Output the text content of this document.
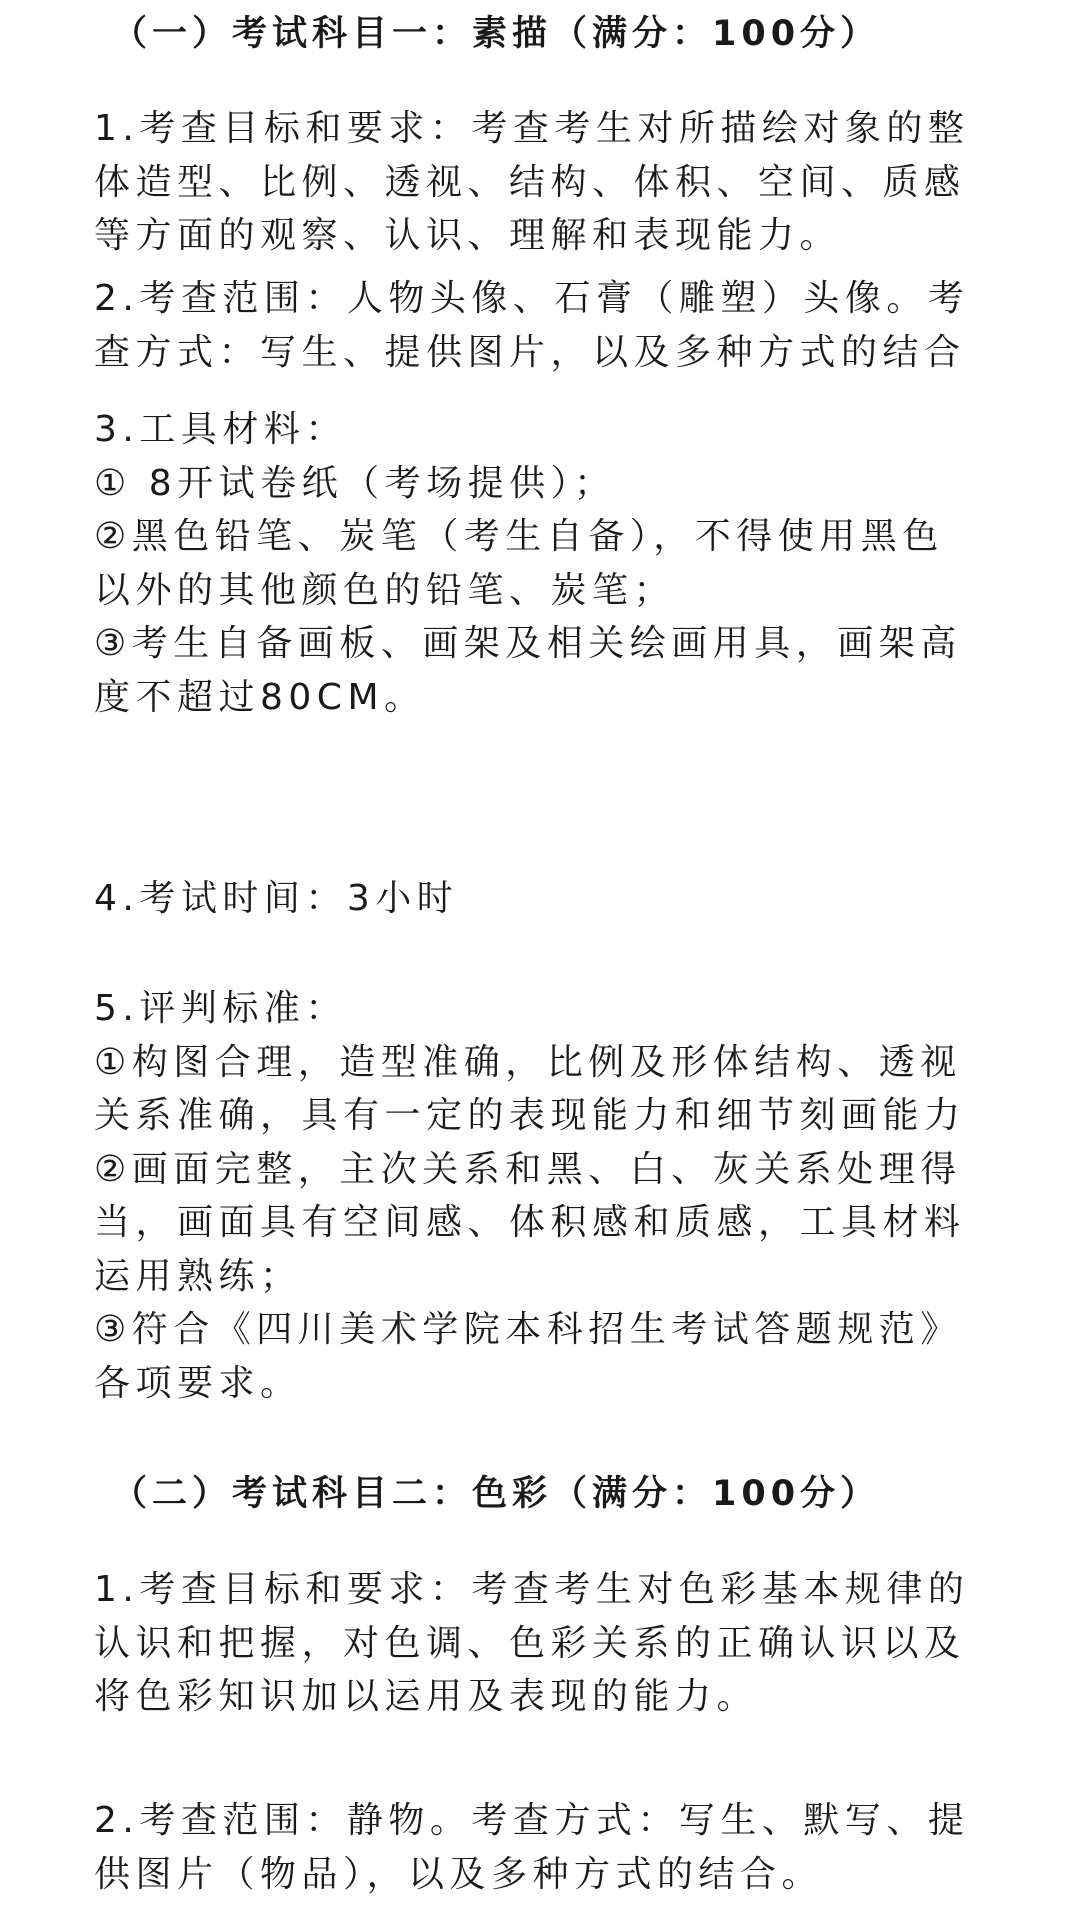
（一）考试科目一：素描（满分：100分）

1.考查目标和要求：考查考生对所描绘对象的整
体造型、比例、透视、结构、体积、空间、质感
等方面的观察、认识、理解和表现能力。

2.考查范围：人物头像、石膏（雕塑）头像。考
查方式：写生、提供图片，以及多种方式的结合

3.工具材料：
① 8开试卷纸（考场提供）；
②黑色铅笔、炭笔（考生自备），不得使用黑色
以外的其他颜色的铅笔、炭笔；
③考生自备画板、画架及相关绘画用具，画架高
度不超过80CM。

4.考试时间：3小时

5.评判标准：
①构图合理，造型准确，比例及形体结构、透视
关系准确，具有一定的表现能力和细节刻画能力
②画面完整，主次关系和黑、白、灰关系处理得
当，画面具有空间感、体积感和质感，工具材料
运用熟练；
③符合《四川美术学院本科招生考试答题规范》
各项要求。

（二）考试科目二：色彩（满分：100分）

1.考查目标和要求：考查考生对色彩基本规律的
认识和把握，对色调、色彩关系的正确认识以及
将色彩知识加以运用及表现的能力。

2.考查范围：静物。考查方式：写生、默写、提
供图片（物品），以及多种方式的结合。
